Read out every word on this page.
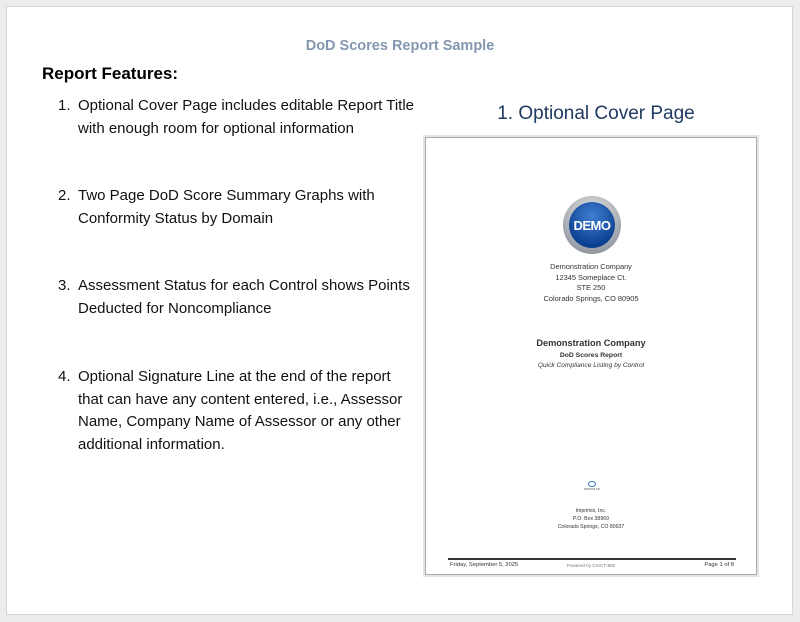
DoD Scores Report Sample
Report Features:
1. Optional Cover Page includes editable Report Title with enough room for optional information
2. Two Page DoD Score Summary Graphs with Conformity Status by Domain
3. Assessment Status for each Control shows Points Deducted for Noncompliance
4. Optional Signature Line at the end of the report that can have any content entered, i.e., Assessor Name, Company Name of Assessor or any other additional information.
1. Optional Cover Page
DEMO
Demonstration Company
12345 Someplace Ct.
STE 250
Colorado Springs, CO 80905
Demonstration Company
DoD Scores Report
Quick Compliance Listing by Control
IMPRIMIS INC
Imprimis, Inc.
P.O. Box 38969
Colorado Springs, CO 80937
Friday, September 5, 2025	Powered by CIACT-800	Page 1 of 8
